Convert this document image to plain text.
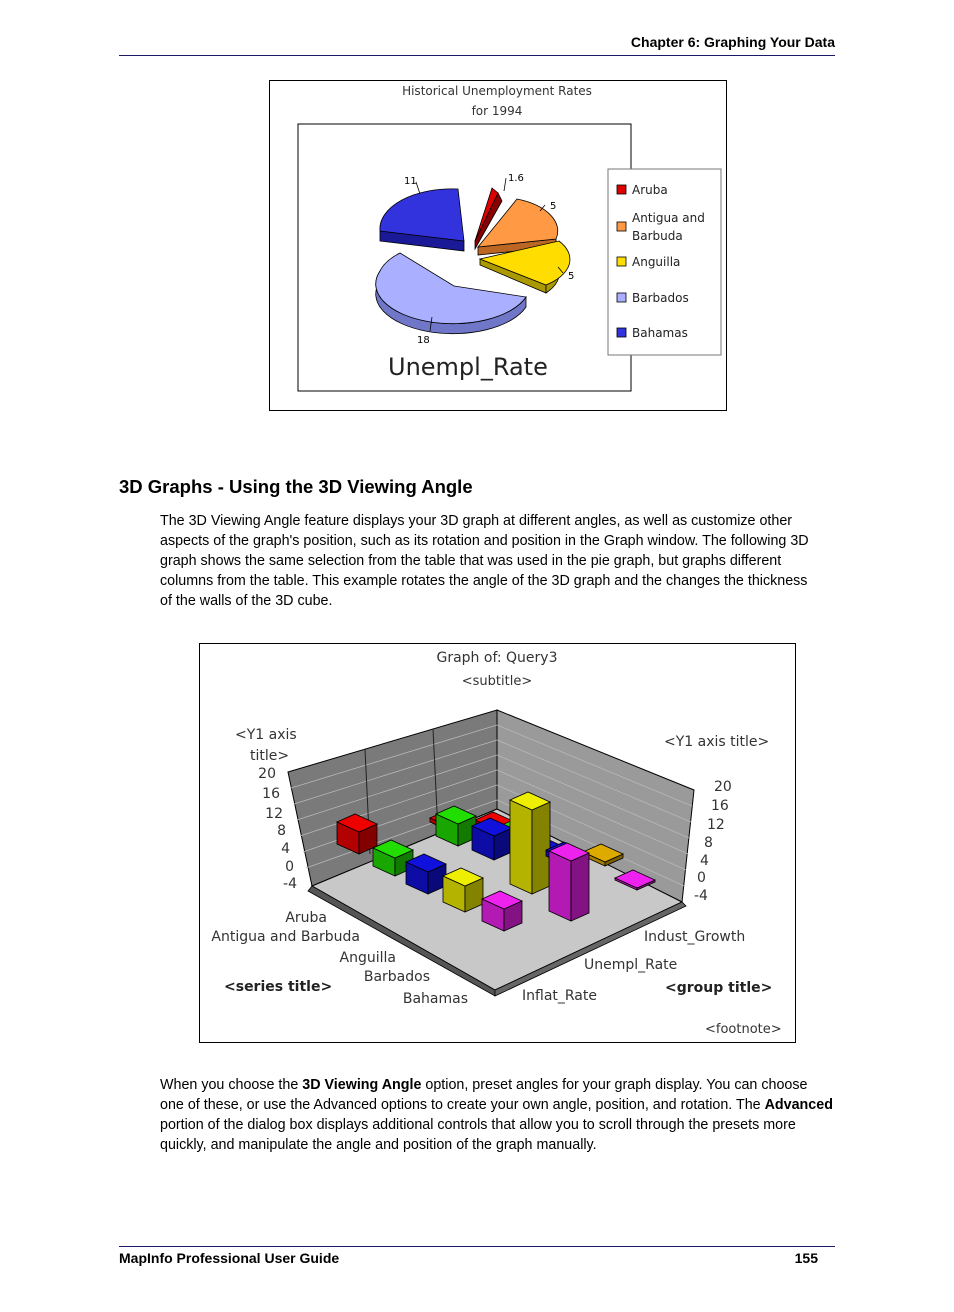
Chapter 6: Graphing Your Data
Historical Unemployment Rates
for 1994
11	1.6
5
5
18
Unempl_Rate
Aruba
Antigua and
Barbuda
Anguilla
Barbados
Bahamas
3D Graphs - Using the 3D Viewing Angle
The 3D Viewing Angle feature displays your 3D graph at different angles, as well as customize other
aspects of the graph's position, such as its rotation and position in the Graph window. The following 3D
graph shows the same selection from the table that was used in the pie graph, but graphs different
columns from the table. This example rotates the angle of the 3D graph and the changes the thickness
of the walls of the 3D cube.
Graph of: Query3
<subtitle>
<Y1 axis
title>
<Y1 axis title>
20
16
12
8
4
0
-4
20
16
12
8
4
0
-4
Aruba
Antigua and Barbuda
Anguilla
Barbados
Bahamas
<series title>
Indust_Growth
Unempl_Rate
Inflat_Rate	<group title>
<footnote>
When you choose the 3D Viewing Angle option, preset angles for your graph display. You can choose
one of these, or use the Advanced options to create your own angle, position, and rotation. The Advanced
portion of the dialog box displays additional controls that allow you to scroll through the presets more
quickly, and manipulate the angle and position of the graph manually.
MapInfo Professional User Guide	155
